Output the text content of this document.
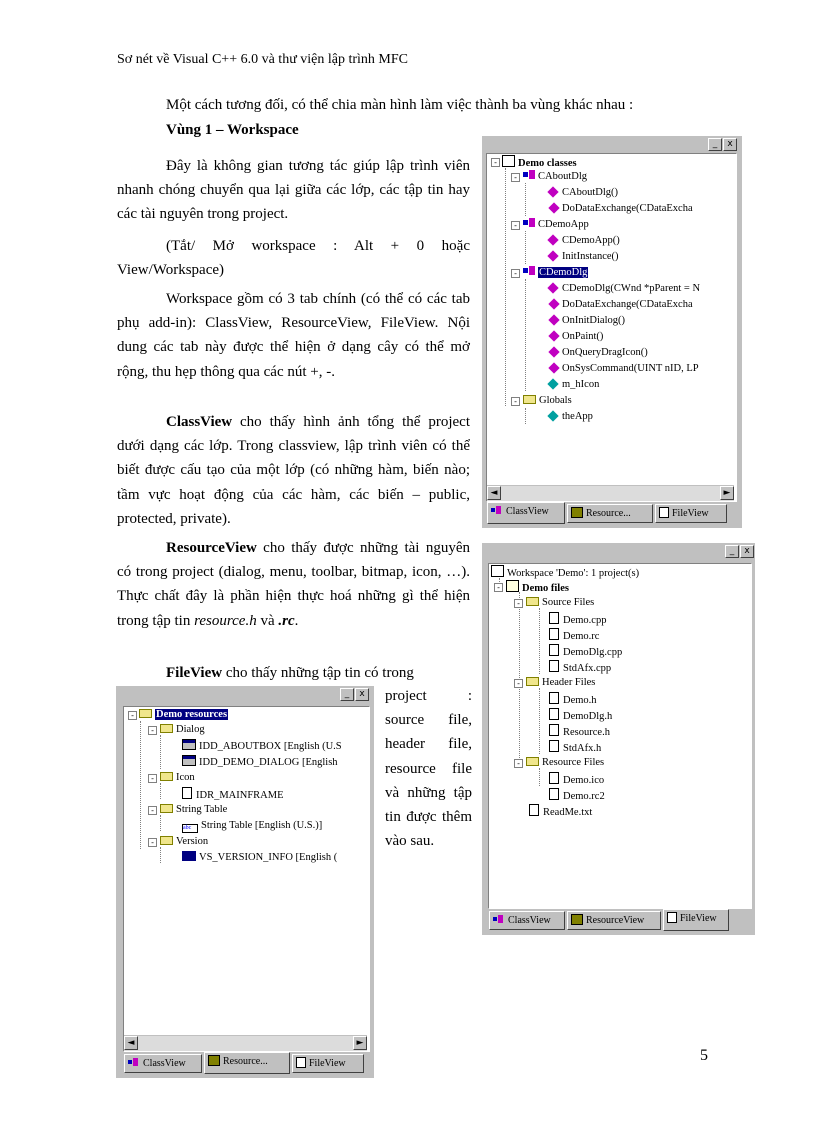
Sơ nét về Visual C++ 6.0 và thư viện lập trình MFC

Một cách tương đối, có thể chia màn hình làm việc thành ba vùng khác nhau :

Vùng 1 – Workspace

Đây là không gian tương tác giúp lập trình viên nhanh chóng chuyển qua lại giữa các lớp, các tập tin hay các tài nguyên trong project.

(Tắt/ Mở workspace : Alt + 0 hoặc View/Workspace)

Workspace gồm có 3 tab chính (có thể có các tab phụ add-in): ClassView, ResourceView, FileView. Nội dung các tab này được thể hiện ở dạng cây có thể mở rộng, thu hẹp thông qua các nút +, -.

ClassView cho thấy hình ảnh tổng thể project dưới dạng các lớp. Trong classview, lập trình viên có thể biết được cấu tạo của một lớp (có những hàm, biến nào; tầm vực hoạt động của các hàm, các biến – public, protected, private).

ResourceView cho thấy được những tài nguyên có trong project (dialog, menu, toolbar, bitmap, icon, …). Thực chất đây là phần hiện thực hoá những gì thể hiện trong tập tin resource.h và .rc.

FileView cho thấy những tập tin có trong

project : source file, header file, resource file và những tập tin được thêm vào sau.

_	x
-	Demo classes
-	CAboutDlg
CAboutDlg()
DoDataExchange(CDataExcha
-	CDemoApp
CDemoApp()
InitInstance()
-	CDemoDlg
CDemoDlg(CWnd *pParent = N
DoDataExchange(CDataExcha
OnInitDialog()
OnPaint()
OnQueryDragIcon()
OnSysCommand(UINT nID, LP
m_hIcon
-	Globals
theApp
◄	►
ClassView	Resource...	FileView
_	x
Workspace 'Demo': 1 project(s)
-	Demo files
-	Source Files
Demo.cpp
Demo.rc
DemoDlg.cpp
StdAfx.cpp
-	Header Files
Demo.h
DemoDlg.h
Resource.h
StdAfx.h
-	Resource Files
Demo.ico
Demo.rc2
ReadMe.txt
ClassView	ResourceView	FileView
_	x
-	Demo resources
-	Dialog
IDD_ABOUTBOX [English (U.S
IDD_DEMO_DIALOG [English
-	Icon
IDR_MAINFRAME
-	String Table
abc String Table [English (U.S.)]
-	Version
VS_VERSION_INFO [English (
◄	►
ClassView	Resource...	FileView	5
